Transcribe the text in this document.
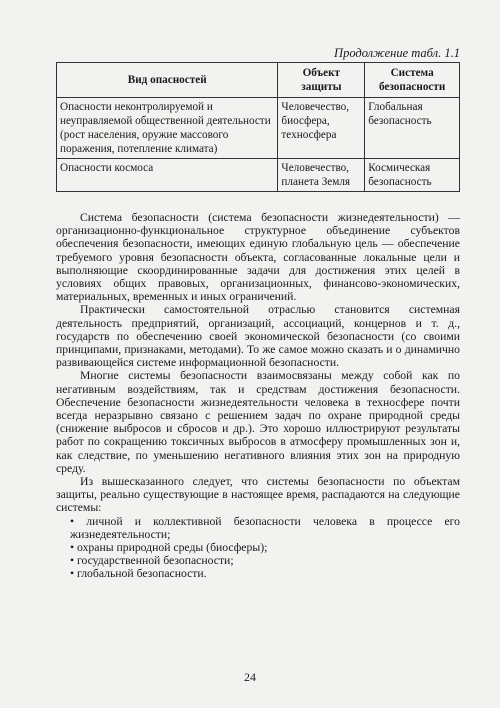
Продолжение табл. 1.1
Вид опасностей	Объект защиты	Система безопасности
Опасности неконтролируемой и неуправляемой общественной деятельности (рост населения, оружие массового поражения, потепление климата)	Человечество, биосфера, техносфера	Глобальная безопасность
Опасности космоса	Человечество, планета Земля	Космическая безопасность

Система безопасности (система безопасности жизнедеятельности) — организационно-функциональное структурное объединение субъектов обеспечения безопасности, имеющих единую глобальную цель — обеспечение требуемого уровня безопасности объекта, согласованные локальные цели и выполняющие скоординированные задачи для достижения этих целей в условиях общих правовых, организационных, финансово-экономических, материальных, временных и иных ограничений.

Практически самостоятельной отраслью становится системная деятельность предприятий, организаций, ассоциаций, концернов и т. д., государств по обеспечению своей экономической безопасности (со своими принципами, признаками, методами). То же самое можно сказать и о динамично развивающейся системе информационной безопасности.

Многие системы безопасности взаимосвязаны между собой как по негативным воздействиям, так и средствам достижения безопасности. Обеспечение безопасности жизнедеятельности человека в техносфере почти всегда неразрывно связано с решением задач по охране природной среды (снижение выбросов и сбросов и др.). Это хорошо иллюстрируют результаты работ по сокращению токсичных выбросов в атмосферу промышленных зон и, как следствие, по уменьшению негативного влияния этих зон на природную среду.

Из вышесказанного следует, что системы безопасности по объектам защиты, реально существующие в настоящее время, распадаются на следующие системы:

• личной и коллективной безопасности человека в процессе его жизнедеятельности;

• охраны природной среды (биосферы);

• государственной безопасности;

• глобальной безопасности.

24
